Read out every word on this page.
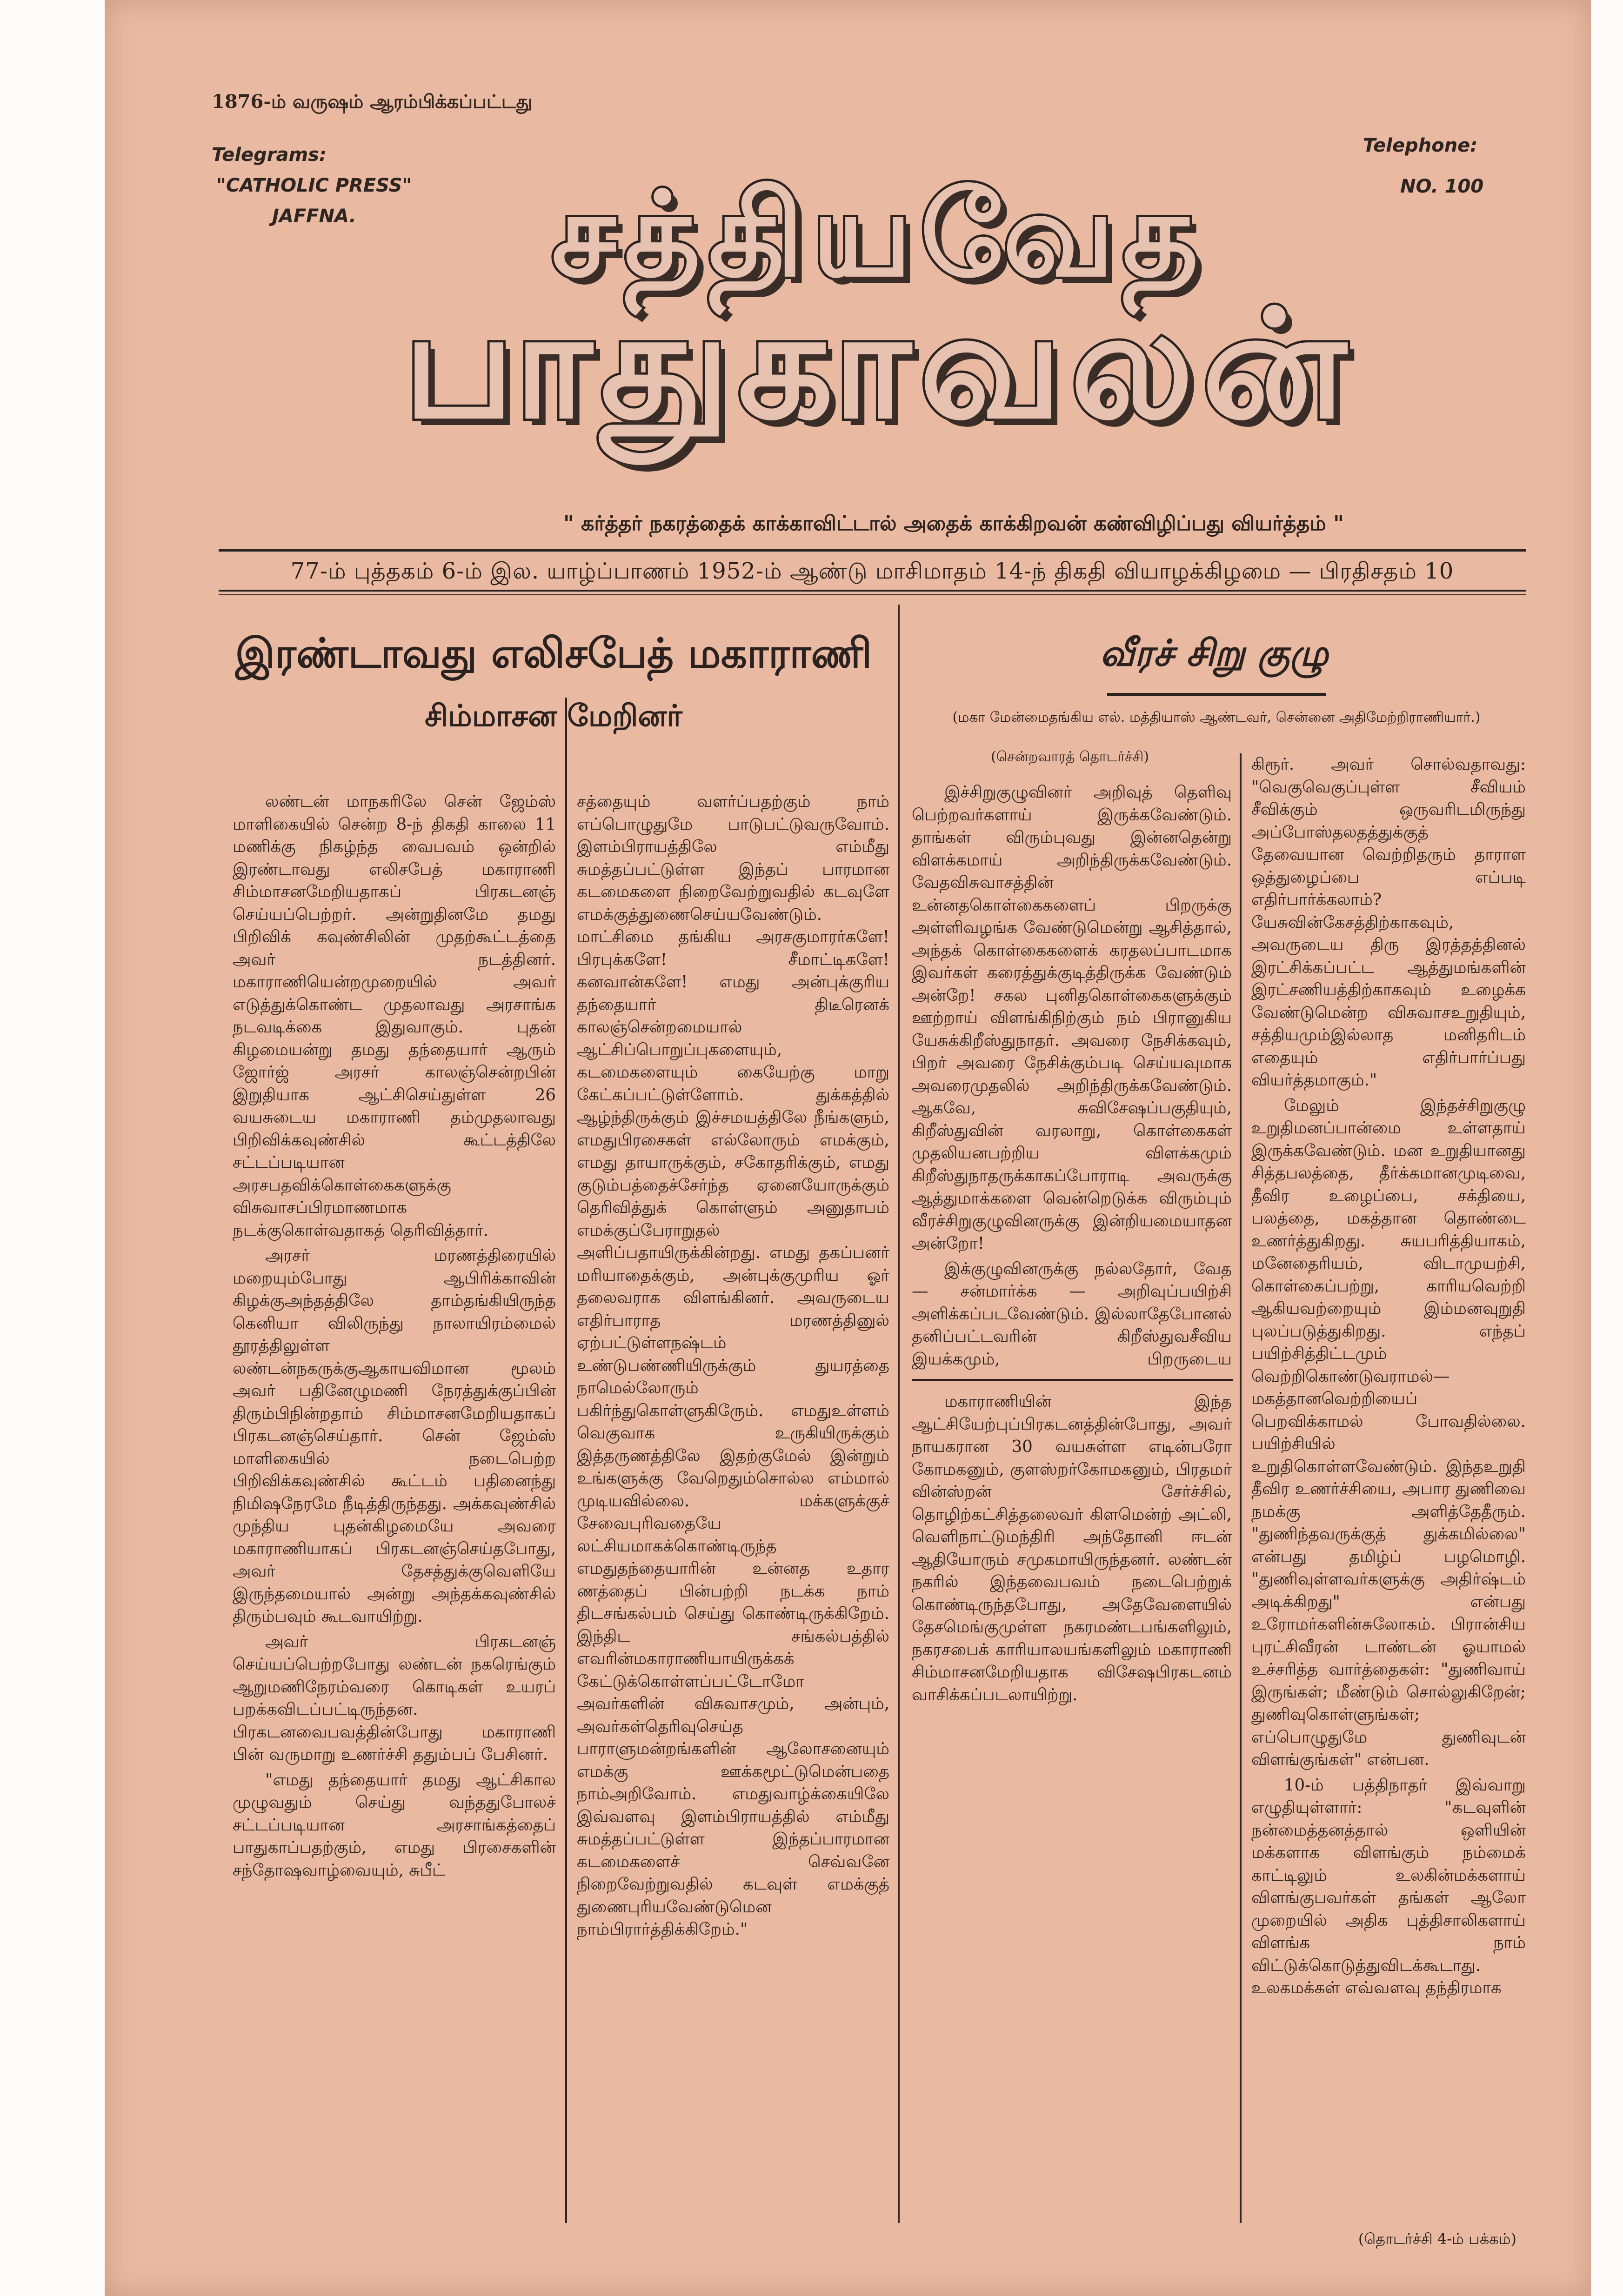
1876-ம் வருஷம் ஆரம்பிக்கப்பட்டது
Telegrams:
"CATHOLIC PRESS"
JAFFNA.
Telephone:
NO. 100
சத்தியவேத
பாதுகாவலன்
" கர்த்தர் நகரத்தைக் காக்காவிட்டால் அதைக் காக்கிறவன் கண்விழிப்பது வியர்த்தம் "
77-ம் புத்தகம் 6-ம் இல. யாழ்ப்பாணம் 1952-ம் ஆண்டு மாசிமாதம் 14-ந் திகதி வியாழக்கிழமை — பிரதிசதம் 10
இரண்டாவது எலிசபேத் மகாராணி
சிம்மாசன மேறினர்
வீரச் சிறு குழு
(மகா மேன்மைதங்கிய எல். மத்தியாஸ் ஆண்டவர், சென்னை அதிமேற்றிராணியார்.)
(சென்றவாரத் தொடர்ச்சி)

லண்டன் மாநகரிலே சென் ஜேம்ஸ் மாளிகையில் சென்ற 8-ந் திகதி காலை 11 மணிக்கு நிகழ்ந்த வைபவம் ஒன்றில் இரண்டாவது எலிசபேத் மகாராணி சிம்மாசனமேறியதாகப் பிரகடனஞ் செய்யப்பெற்றர். அன்றுதினமே தமது பிறிவிக் கவுண்சிலின் முதற்கூட்டத்தை அவர் நடத்தினர். மகாராணியென்றமுறையில் அவர் எடுத்துக்கொண்ட முதலாவது அரசாங்க நடவடிக்கை இதுவாகும். புதன் கிழமையன்று தமது தந்தையார் ஆரும் ஜோர்ஜ் அரசர் காலஞ்சென்றபின் இறுதியாக ஆட்சிசெய்துள்ள 26 வயசுடைய மகாராணி தம்முதலாவது பிறிவிக்கவுண்சில் கூட்டத்திலே சட்டப்படியான அரசபதவிக்கொள்கைகளுக்கு விசுவாசப்பிரமாணமாக நடக்குகொள்வதாகத் தெரிவித்தார்.

அரசர் மரணத்திரையில் மறையும்போது ஆபிரிக்காவின் கிழக்குஅந்தத்திலே தாம்தங்கியிருந்த கெனியா விலிருந்து நாலாயிரம்மைல் தூரத்திலுள்ள லண்டன்நகருக்குஆகாயவிமான மூலம் அவர் பதினேழுமணி நேரத்துக்குப்பின் திரும்பிநின்றதாம் சிம்மாசனமேறியதாகப் பிரகடனஞ்செய்தார். சென் ஜேம்ஸ் மாளிகையில் நடைபெற்ற பிறிவிக்கவுண்சில் கூட்டம் பதினைந்து நிமிஷநேரமே நீடித்திருந்தது. அக்கவுண்சில் முந்திய புதன்கிழமையே அவரை மகாராணியாகப் பிரகடனஞ்செய்தபோது, அவர் தேசத்துக்குவெளியே இருந்தமையால் அன்று அந்தக்கவுண்சில் திரும்பவும் கூடவாயிற்று.

அவர் பிரகடனஞ் செய்யப்பெற்றபோது லண்டன் நகரெங்கும் ஆறுமணிநேரம்வரை கொடிகள் உயரப் பறக்கவிடப்பட்டிருந்தன. பிரகடனவைபவத்தின்போது மகாராணி பின் வருமாறு உணர்ச்சி ததும்பப் பேசினர்.

"எமது தந்தையார் தமது ஆட்சிகால முழுவதும் செய்து வந்ததுபோலச் சட்டப்படியான அரசாங்கத்தைப் பாதுகாப்பதற்கும், எமது பிரசைகளின் சந்தோஷவாழ்வையும், சுபீட்

சத்தையும் வளர்ப்பதற்கும் நாம் எப்பொழுதுமே பாடுபட்டுவருவோம். இளம்பிராயத்திலே எம்மீது சுமத்தப்பட்டுள்ள இந்தப் பாரமான கடமைகளை நிறைவேற்றுவதில் கடவுளே எமக்குத்துணைசெய்யவேண்டும். மாட்சிமை தங்கிய அரசகுமாரர்களே! பிரபுக்களே! சீமாட்டிகளே! கனவான்களே! எமது அன்புக்குரிய தந்தையார் திடீரெனக் காலஞ்சென்றமையால் ஆட்சிப்பொறுப்புகளையும், கடமைகளையும் கையேற்கு மாறு கேட்கப்பட்டுள்ளோம். துக்கத்தில் ஆழ்ந்திருக்கும் இச்சமயத்திலே நீங்களும், எமதுபிரசைகள் எல்லோரும் எமக்கும், எமது தாயாருக்கும், சகோதரிக்கும், எமது குடும்பத்தைச்சேர்ந்த ஏனையோருக்கும் தெரிவித்துக் கொள்ளும் அனுதாபம் எமக்குப்பேராறுதல் அளிப்பதாயிருக்கின்றது. எமது தகப்பனர் மரியாதைக்கும், அன்புக்குமுரிய ஓர் தலைவராக விளங்கினர். அவருடைய எதிர்பாராத மரணத்தினுல் ஏற்பட்டுள்ளநஷ்டம் உண்டுபண்ணியிருக்கும் துயரத்தை நாமெல்லோரும் பகிர்ந்துகொள்ளுகிருேம். எமதுஉள்ளம் வெகுவாக உருகியிருக்கும் இத்தருணத்திலே இதற்குமேல் இன்றும் உங்களுக்கு வேறெதும்சொல்ல எம்மால் முடியவில்லை. மக்களுக்குச் சேவைபுரிவதையே லட்சியமாகக்கொண்டிருந்த எமதுதந்தையாரின் உன்னத உதார ணத்தைப் பின்பற்றி நடக்க நாம் திடசங்கல்பம் செய்து கொண்டிருக்கிறேம். இந்திட சங்கல்பத்தில் எவரின்மகாராணியாயிருக்கக் கேட்டுக்கொள்ளப்பட்டோமோ அவர்களின் விசுவாசமும், அன்பும், அவர்கள்தெரிவுசெய்த பாராளுமன்றங்களின் ஆலோசனையும் எமக்கு ஊக்கமூட்டுமென்பதை நாம்அறிவோம். எமதுவாழ்க்கையிலே இவ்வளவு இளம்பிராயத்தில் எம்மீது சுமத்தப்பட்டுள்ள இந்தப்பாரமான கடமைகளைச் செவ்வனே நிறைவேற்றுவதில் கடவுள் எமக்குத் துணைபுரியவேண்டுமென நாம்பிரார்த்திக்கிறேம்."

இச்சிறுகுழுவினர் அறிவுத் தெளிவு பெற்றவர்களாய் இருக்கவேண்டும். தாங்கள் விரும்புவது இன்னதென்று விளக்கமாய் அறிந்திருக்கவேண்டும். வேதவிசுவாசத்தின் உன்னதகொள்கைகளைப் பிறருக்கு அள்ளிவழங்க வேண்டுமென்று ஆசித்தால், அந்தக் கொள்கைகளைக் கரதலப்பாடமாக இவர்கள் கரைத்துக்குடித்திருக்க வேண்டும் அன்றே! சகல புனிதகொள்கைகளுக்கும் ஊற்றாய் விளங்கிநிற்கும் நம் பிரானுகிய யேசுக்கிறீஸ்துநாதர். அவரை நேசிக்கவும், பிறர் அவரை நேசிக்கும்படி செய்யவுமாக அவரைமுதலில் அறிந்திருக்கவேண்டும். ஆகவே, சுவிசேஷப்பகுதியும், கிறீஸ்துவின் வரலாறு, கொள்கைகள் முதலியனபற்றிய விளக்கமும் கிறீஸ்துநாதருக்காகப்போராடி அவருக்கு ஆத்துமாக்களை வென்றெடுக்க விரும்பும் வீரச்சிறுகுழுவினருக்கு இன்றியமையாதன அன்றோ!

இக்குழுவினருக்கு நல்லதோர், வேத — சன்மார்க்க — அறிவுப்பயிற்சி அளிக்கப்படவேண்டும். இல்லாதேபோனல் தனிப்பட்டவரின் கிறீஸ்துவசீவிய இயக்கமும், பிறருடைய

மகாராணியின் இந்த ஆட்சியேற்புப்பிரகடனத்தின்போது, அவர் நாயகரான 30 வயசுள்ள எடின்பரோ கோமகனும், குளஸ்றர்கோமகனும், பிரதமர் வின்ஸ்றன் சேர்ச்சில், தொழிற்கட்சித்தலைவர் கிளமென்ற் அட்லி, வெளிநாட்டுமந்திரி அந்தோனி ஈடன் ஆதியோரும் சமுகமாயிருந்தனர். லண்டன் நகரில் இந்தவைபவம் நடைபெற்றுக் கொண்டிருந்தபோது, அதேவேளையில் தேசமெங்குமுள்ள நகரமண்டபங்களிலும், நகரசபைக் காரியாலயங்களிலும் மகாராணி சிம்மாசனமேறியதாக விசேஷபிரகடனம் வாசிக்கப்படலாயிற்று.

கிரூர். அவர் சொல்வதாவது: "வெகுவெகுப்புள்ள சீவியம் சீவிக்கும் ஒருவரிடமிருந்து அப்போஸ்தலதத்துக்குத் தேவையான வெற்றிதரும் தாராள ஒத்துழைப்பை எப்படி எதிர்பார்க்கலாம்? யேசுவின்கேசத்திற்காகவும், அவருடைய திரு இரத்தத்தினல் இரட்சிக்கப்பட்ட ஆத்துமங்களின் இரட்சணியத்திற்காகவும் உழைக்க வேண்டுமென்ற விசுவாசஉறுதியும், சத்தியமும்இல்லாத மனிதரிடம் எதையும் எதிர்பார்ப்பது வியர்த்தமாகும்."

மேலும் இந்தச்சிறுகுழு உறுதிமனப்பான்மை உள்ளதாய் இருக்கவேண்டும். மன உறுதியானது சித்தபலத்தை, தீர்க்கமானமுடிவை, தீவிர உழைப்பை, சக்தியை, பலத்தை, மகத்தான தொண்டை உணர்த்துகிறது. சுயபரித்தியாகம், மனேதைரியம், விடாமுயற்சி, கொள்கைப்பற்று, காரியவெற்றி ஆகியவற்றையும் இம்மனவுறுதி புலப்படுத்துகிறது. எந்தப் பயிற்சித்திட்டமும் வெற்றிகொண்டுவராமல்— மகத்தானவெற்றியைப் பெறவிக்காமல் போவதில்லை. பயிற்சியில் உறுதிகொள்ளவேண்டும். இந்தஉறுதி தீவிர உணர்ச்சியை, அபார துணிவை நமக்கு அளித்தேதீரும். "துணிந்தவருக்குத் துக்கமில்லை" என்பது தமிழ்ப் பழமொழி. "துணிவுள்ளவர்களுக்கு அதிர்ஷ்டம் அடிக்கிறது" என்பது உரோமர்களின்சுலோகம். பிரான்சிய புரட்சிவீரன் டாண்டன் ஓயாமல் உச்சரித்த வார்த்தைகள்: "துணிவாய் இருங்கள்; மீண்டும் சொல்லுகிறேன்; துணிவுகொள்ளுங்கள்; எப்பொழுதுமே துணிவுடன் விளங்குங்கள்" என்பன.

10-ம் பத்திநாதர் இவ்வாறு எழுதியுள்ளார்: "கடவுளின் நன்மைத்தனத்தால் ஒளியின் மக்களாக விளங்கும் நம்மைக் காட்டிலும் உலகின்மக்களாய் விளங்குபவர்கள் தங்கள் ஆலோ முறையில் அதிக புத்திசாலிகளாய் விளங்க நாம் விட்டுக்கொடுத்துவிடக்கூடாது. உலகமக்கள் எவ்வளவு தந்திரமாக

(தொடர்ச்சி 4-ம் பக்கம்)
